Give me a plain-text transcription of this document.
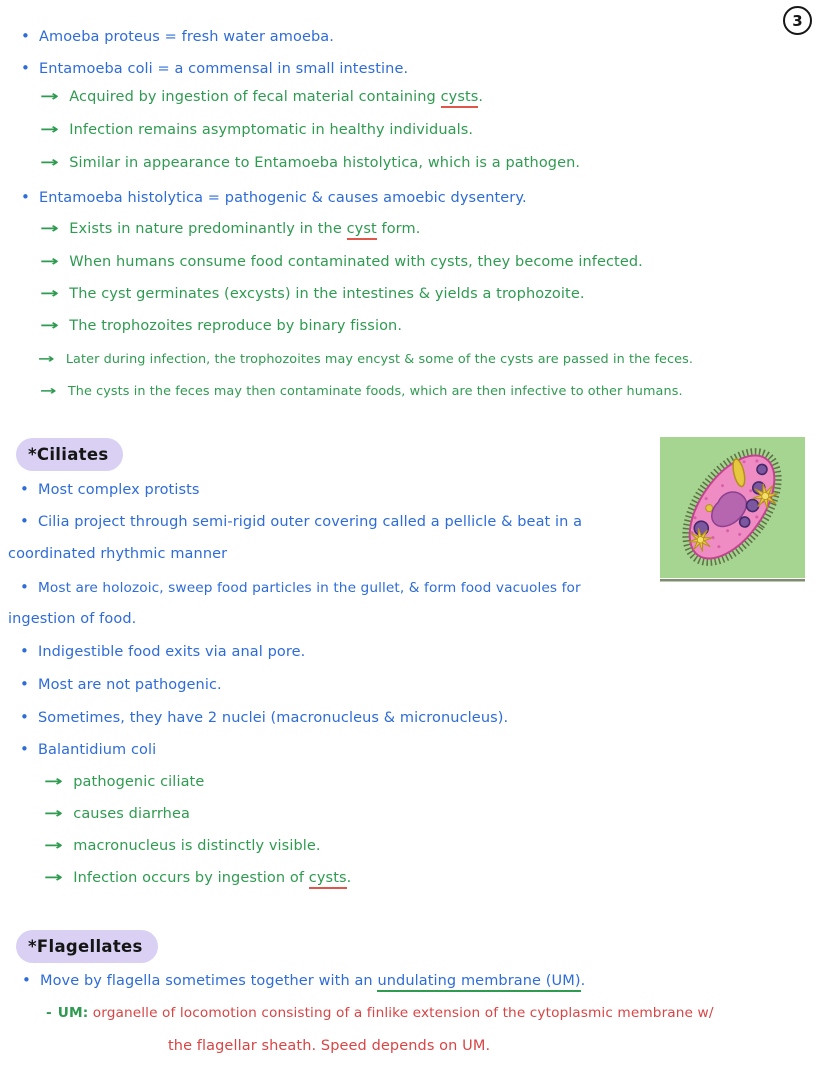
3
• Amoeba proteus = fresh water amoeba.
• Entamoeba coli = a commensal in small intestine.
→ Acquired by ingestion of fecal material containing cysts.
→ Infection remains asymptomatic in healthy individuals.
→ Similar in appearance to Entamoeba histolytica, which is a pathogen.
• Entamoeba histolytica = pathogenic & causes amoebic dysentery.
→ Exists in nature predominantly in the cyst form.
→ When humans consume food contaminated with cysts, they become infected.
→ The cyst germinates (excysts) in the intestines & yields a trophozoite.
→ The trophozoites reproduce by binary fission.
→ Later during infection, the trophozoites may encyst & some of the cysts are passed in the feces.
→ The cysts in the feces may then contaminate foods, which are then infective to other humans.
*Ciliates
• Most complex protists
• Cilia project through semi-rigid outer covering called a pellicle & beat in a
coordinated rhythmic manner
• Most are holozoic, sweep food particles in the gullet, & form food vacuoles for
ingestion of food.
• Indigestible food exits via anal pore.
• Most are not pathogenic.
• Sometimes, they have 2 nuclei (macronucleus & micronucleus).
• Balantidium coli
→ pathogenic ciliate
→ causes diarrhea
→ macronucleus is distinctly visible.
→ Infection occurs by ingestion of cysts.
*Flagellates
• Move by flagella sometimes together with an undulating membrane (UM).
- UM: organelle of locomotion consisting of a finlike extension of the cytoplasmic membrane w/
the flagellar sheath. Speed depends on UM.
